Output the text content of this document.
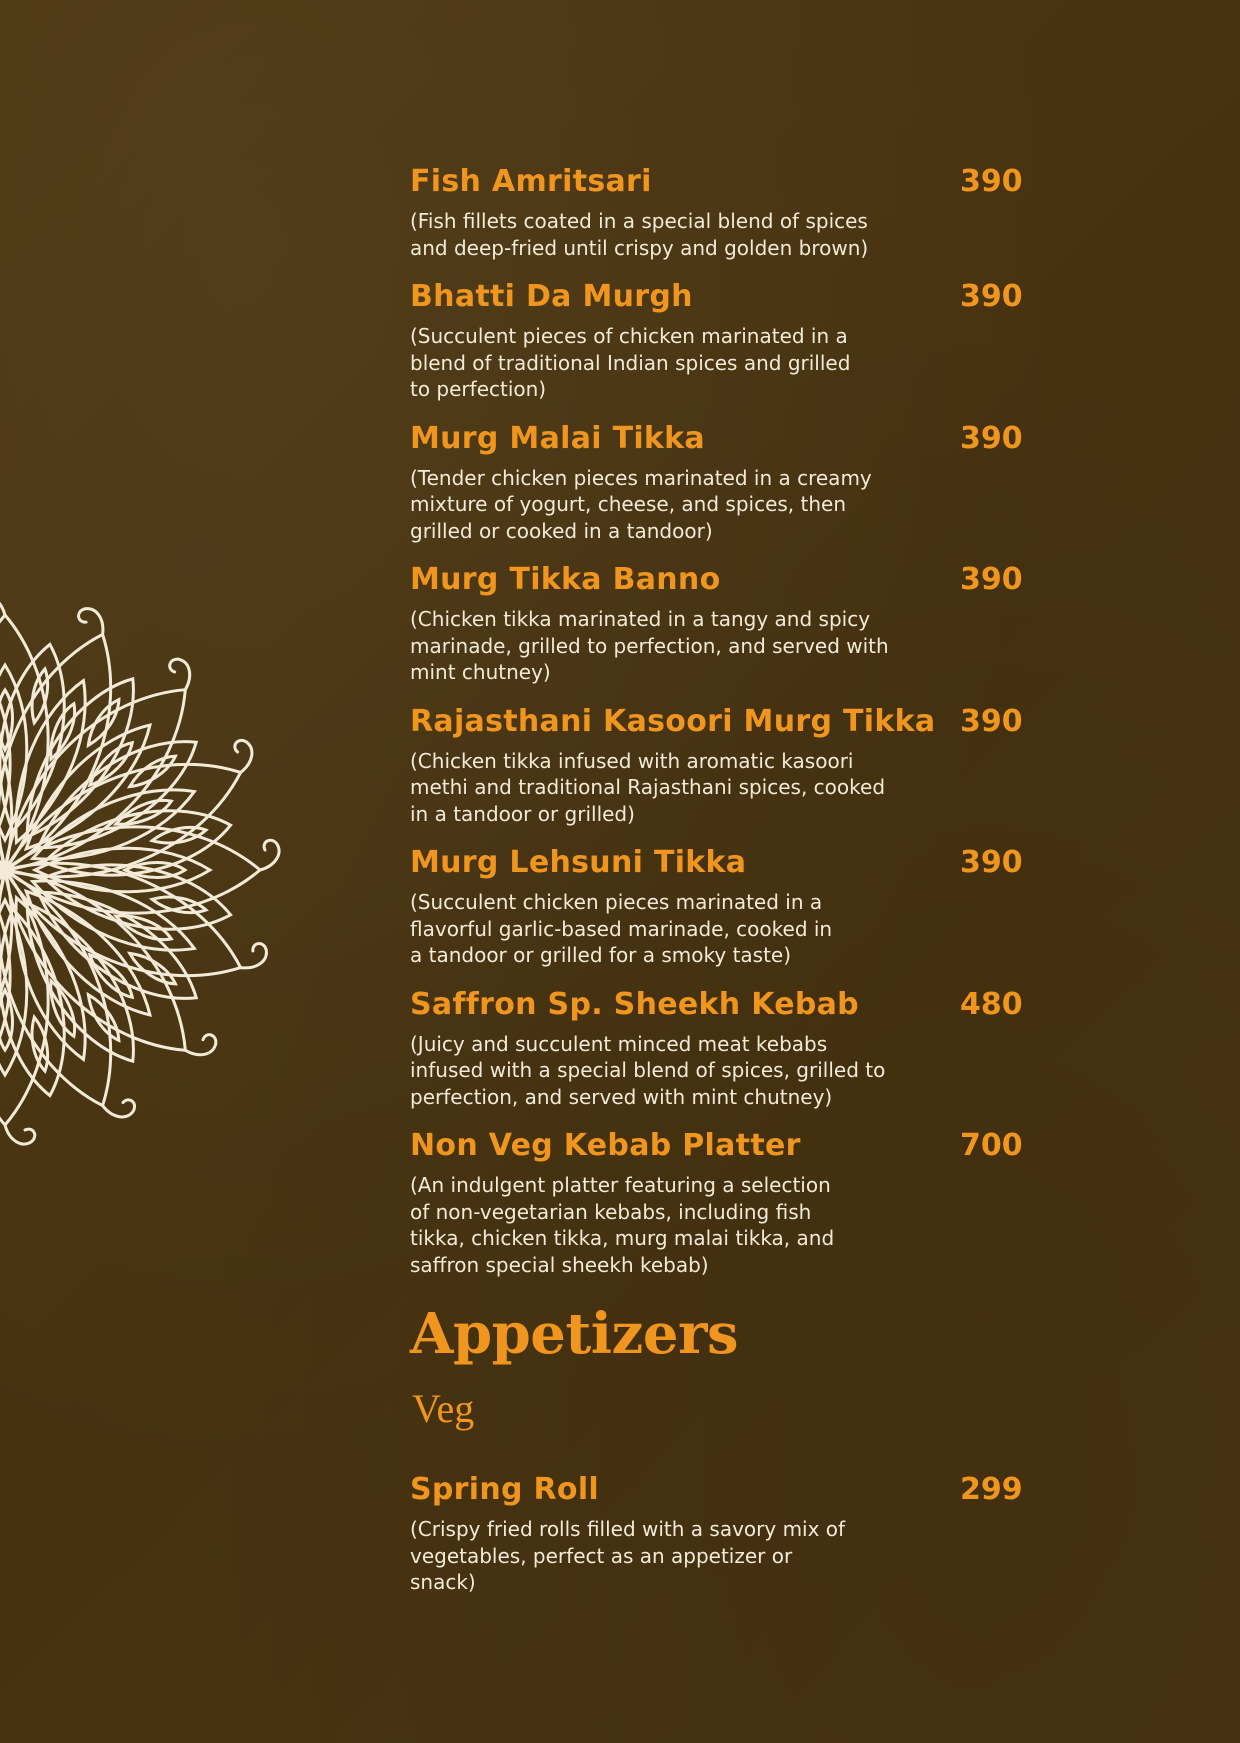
Fish Amritsari	390
(Fish fillets coated in a special blend of spices
and deep-fried until crispy and golden brown)
Bhatti Da Murgh	390
(Succulent pieces of chicken marinated in a
blend of traditional Indian spices and grilled
to perfection)
Murg Malai Tikka	390
(Tender chicken pieces marinated in a creamy
mixture of yogurt, cheese, and spices, then
grilled or cooked in a tandoor)
Murg Tikka Banno	390
(Chicken tikka marinated in a tangy and spicy
marinade, grilled to perfection, and served with
mint chutney)
Rajasthani Kasoori Murg Tikka 390
(Chicken tikka infused with aromatic kasoori
methi and traditional Rajasthani spices, cooked
in a tandoor or grilled)
Murg Lehsuni Tikka	390
(Succulent chicken pieces marinated in a
flavorful garlic-based marinade, cooked in
a tandoor or grilled for a smoky taste)
Saffron Sp. Sheekh Kebab	480
(Juicy and succulent minced meat kebabs
infused with a special blend of spices, grilled to
perfection, and served with mint chutney)
Non Veg Kebab Platter	700
(An indulgent platter featuring a selection
of non-vegetarian kebabs, including fish
tikka, chicken tikka, murg malai tikka, and
saffron special sheekh kebab)
Appetizers
Veg
Spring Roll	299
(Crispy fried rolls filled with a savory mix of
vegetables, perfect as an appetizer or
snack)
